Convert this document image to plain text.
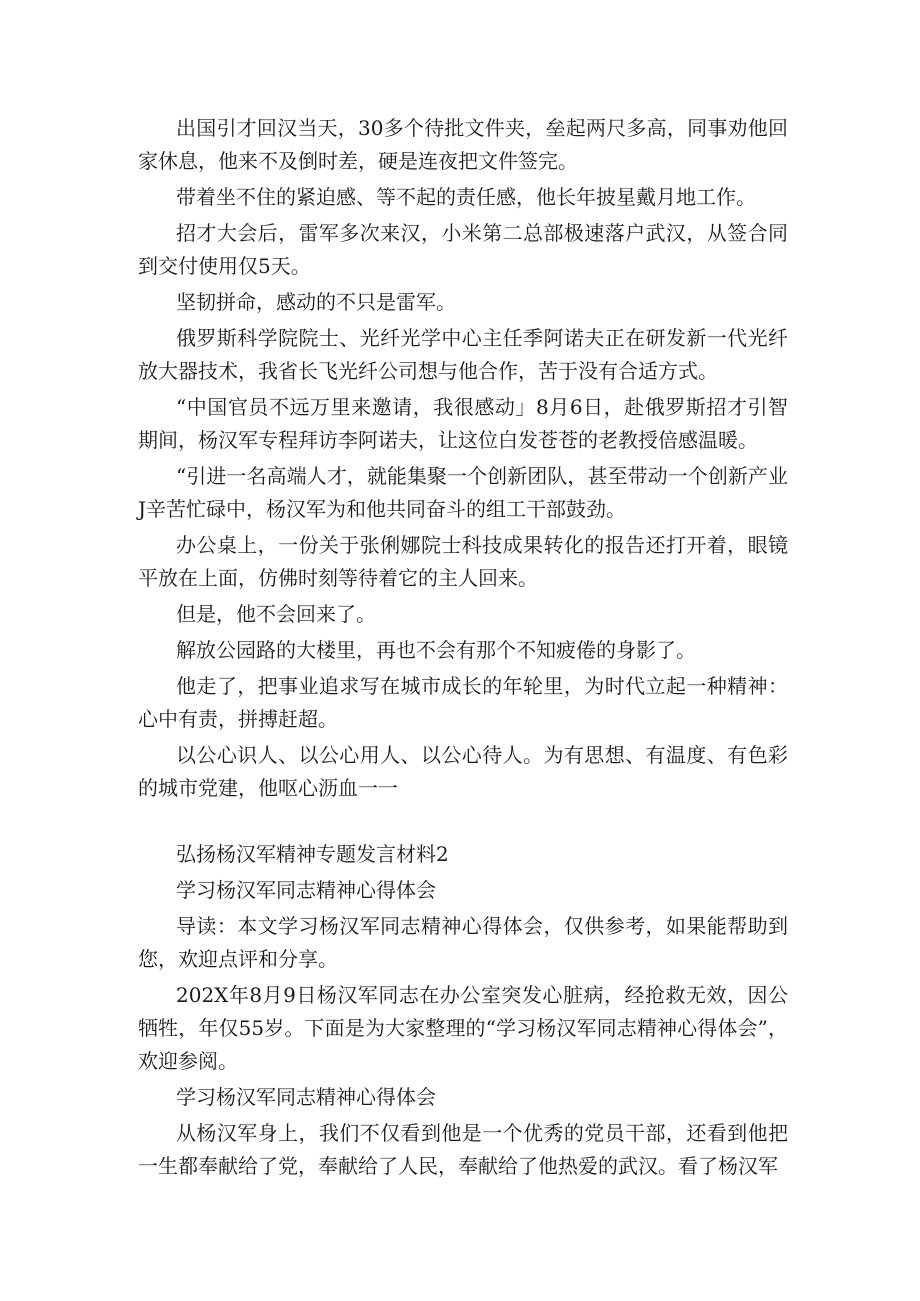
出国引才回汉当天，30多个待批文件夹，垒起两尺多高，同事劝他回家休息，他来不及倒时差，硬是连夜把文件签完。

带着坐不住的紧迫感、等不起的责任感，他长年披星戴月地工作。

招才大会后，雷军多次来汉，小米第二总部极速落户武汉，从签合同到交付使用仅5天。

坚韧拼命，感动的不只是雷军。

俄罗斯科学院院士、光纤光学中心主任季阿诺夫正在研发新一代光纤放大器技术，我省长飞光纤公司想与他合作，苦于没有合适方式。

“中国官员不远万里来邀请，我很感动」8月6日，赴俄罗斯招才引智期间，杨汉军专程拜访李阿诺夫，让这位白发苍苍的老教授倍感温暖。

“引进一名高端人才，就能集聚一个创新团队，甚至带动一个创新产业J辛苦忙碌中，杨汉军为和他共同奋斗的组工干部鼓劲。

办公桌上，一份关于张俐娜院士科技成果转化的报告还打开着，眼镜平放在上面，仿佛时刻等待着它的主人回来。

但是，他不会回来了。

解放公园路的大楼里，再也不会有那个不知疲倦的身影了。

他走了，把事业追求写在城市成长的年轮里，为时代立起一种精神：心中有责，拼搏赶超。

以公心识人、以公心用人、以公心待人。为有思想、有温度、有色彩的城市党建，他呕心沥血一一

弘扬杨汉军精神专题发言材料2

学习杨汉军同志精神心得体会

导读：本文学习杨汉军同志精神心得体会，仅供参考，如果能帮助到您，欢迎点评和分享。

202X年8月9日杨汉军同志在办公室突发心脏病，经抢救无效，因公牺牲，年仅55岁。下面是为大家整理的“学习杨汉军同志精神心得体会”，欢迎参阅。

学习杨汉军同志精神心得体会

从杨汉军身上，我们不仅看到他是一个优秀的党员干部，还看到他把一生都奉献给了党，奉献给了人民，奉献给了他热爱的武汉。看了杨汉军
